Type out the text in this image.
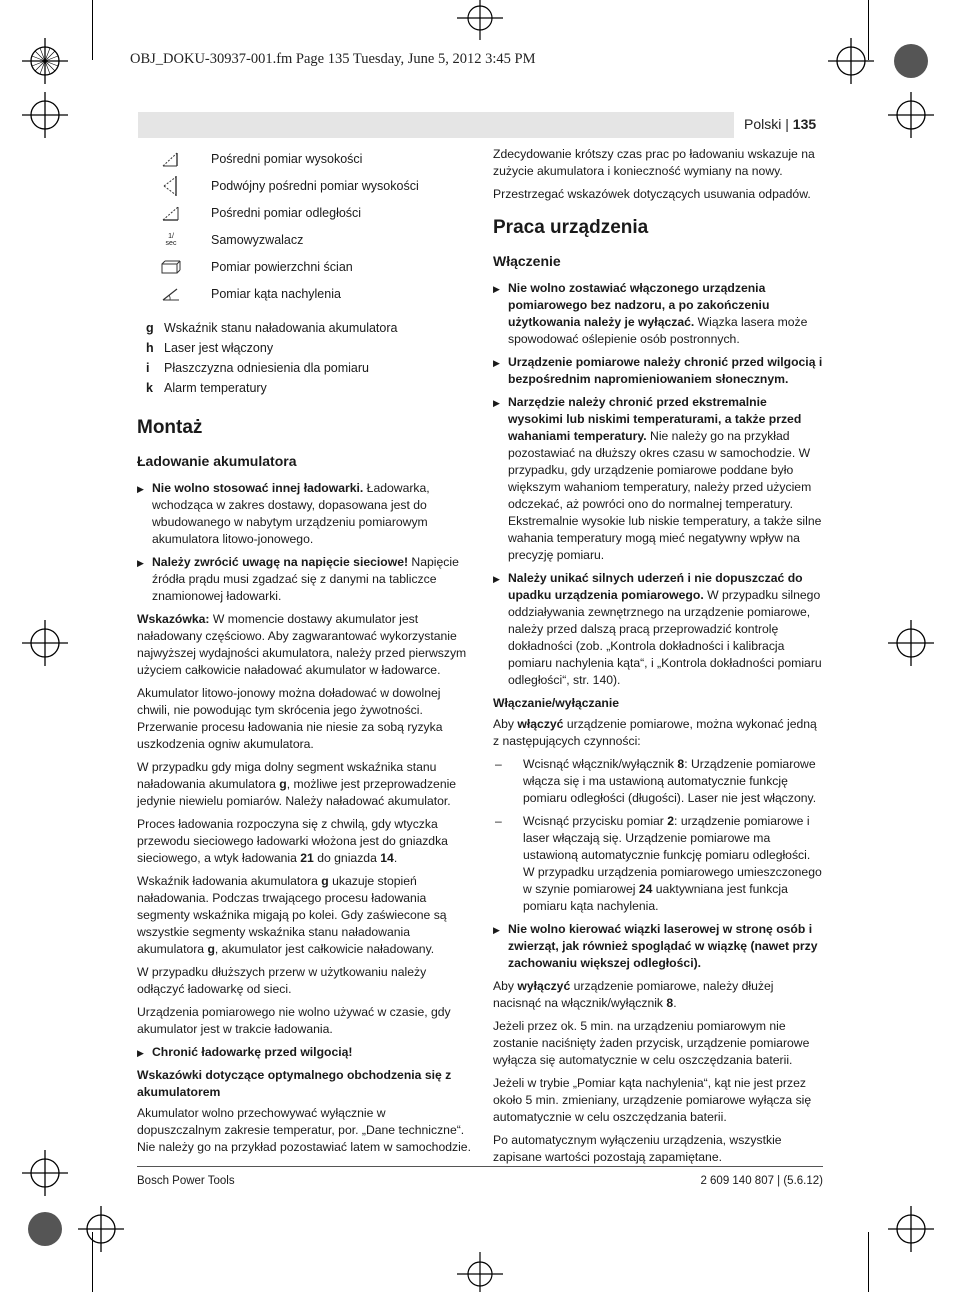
OBJ_DOKU-30937-001.fm Page 135 Tuesday, June 5, 2012 3:45 PM
Polski | 135
Pośredni pomiar wysokości
Podwójny pośredni pomiar wysokości
Pośredni pomiar odległości
1/
sec	Samowyzwalacz
Pomiar powierzchni ścian
Pomiar kąta nachylenia
g Wskaźnik stanu naładowania akumulatora
h Laser jest włączony
i Płaszczyzna odniesienia dla pomiaru
k Alarm temperatury

Montaż

Ładowanie akumulatora

▶ Nie wolno stosować innej ładowarki. Ładowarka, wchodząca w zakres dostawy, dopasowana jest do wbudowanego w nabytym urządzeniu pomiarowym akumulatora litowo-jonowego.

▶ Należy zwrócić uwagę na napięcie sieciowe! Napięcie źródła prądu musi zgadzać się z danymi na tabliczce znamionowej ładowarki.

Wskazówka: W momencie dostawy akumulator jest naładowany częściowo. Aby zagwarantować wykorzystanie najwyższej wydajności akumulatora, należy przed pierwszym użyciem całkowicie naładować akumulator w ładowarce.

Akumulator litowo-jonowy można doładować w dowolnej chwili, nie powodując tym skrócenia jego żywotności. Przerwanie procesu ładowania nie niesie za sobą ryzyka uszkodzenia ogniw akumulatora.

W przypadku gdy miga dolny segment wskaźnika stanu naładowania akumulatora g, możliwe jest przeprowadzenie jedynie niewielu pomiarów. Należy naładować akumulator.

Proces ładowania rozpoczyna się z chwilą, gdy wtyczka przewodu sieciowego ładowarki włożona jest do gniazdka sieciowego, a wtyk ładowania 21 do gniazda 14.

Wskaźnik ładowania akumulatora g ukazuje stopień naładowania. Podczas trwającego procesu ładowania segmenty wskaźnika migają po kolei. Gdy zaświecone są wszystkie segmenty wskaźnika stanu naładowania akumulatora g, akumulator jest całkowicie naładowany.

W przypadku dłuższych przerw w użytkowaniu należy odłączyć ładowarkę od sieci.

Urządzenia pomiarowego nie wolno używać w czasie, gdy akumulator jest w trakcie ładowania.

▶ Chronić ładowarkę przed wilgocią!

Wskazówki dotyczące optymalnego obchodzenia się z akumulatorem

Akumulator wolno przechowywać wyłącznie w dopuszczalnym zakresie temperatur, por. „Dane techniczne“. Nie należy go na przykład pozostawiać latem w samochodzie.

Zdecydowanie krótszy czas prac po ładowaniu wskazuje na zużycie akumulatora i konieczność wymiany na nowy.

Przestrzegać wskazówek dotyczących usuwania odpadów.

Praca urządzenia

Włączenie

▶ Nie wolno zostawiać włączonego urządzenia pomiarowego bez nadzoru, a po zakończeniu użytkowania należy je wyłączać. Wiązka lasera może spowodować oślepienie osób postronnych.

▶ Urządzenie pomiarowe należy chronić przed wilgocią i bezpośrednim napromieniowaniem słonecznym.

▶ Narzędzie należy chronić przed ekstremalnie wysokimi lub niskimi temperaturami, a także przed wahaniami temperatury. Nie należy go na przykład pozostawiać na dłuższy okres czasu w samochodzie. W przypadku, gdy urządzenie pomiarowe poddane było większym wahaniom temperatury, należy przed użyciem odczekać, aż powróci ono do normalnej temperatury. Ekstremalnie wysokie lub niskie temperatury, a także silne wahania temperatury mogą mieć negatywny wpływ na precyzję pomiaru.

▶ Należy unikać silnych uderzeń i nie dopuszczać do upadku urządzenia pomiarowego. W przypadku silnego oddziaływania zewnętrznego na urządzenie pomiarowe, należy przed dalszą pracą przeprowadzić kontrolę dokładności (zob. „Kontrola dokładności i kalibracja pomiaru nachylenia kąta“, i „Kontrola dokładności pomiaru odległości“, str. 140).

Włączanie/wyłączanie

Aby włączyć urządzenie pomiarowe, można wykonać jedną z następujących czynności:

– Wcisnąć włącznik/wyłącznik 8: Urządzenie pomiarowe włącza się i ma ustawioną automatycznie funkcję pomiaru odległości (długości). Laser nie jest włączony.

– Wcisnąć przycisku pomiar 2: urządzenie pomiarowe i laser włączają się. Urządzenie pomiarowe ma ustawioną automatycznie funkcję pomiaru odległości. W przypadku urządzenia pomiarowego umieszczonego w szynie pomiarowej 24 uaktywniana jest funkcja pomiaru kąta nachylenia.

▶ Nie wolno kierować wiązki laserowej w stronę osób i zwierząt, jak również spoglądać w wiązkę (nawet przy zachowaniu większej odległości).

Aby wyłączyć urządzenie pomiarowe, należy dłużej nacisnąć na włącznik/wyłącznik 8.

Jeżeli przez ok. 5 min. na urządzeniu pomiarowym nie zostanie naciśnięty żaden przycisk, urządzenie pomiarowe wyłącza się automatycznie w celu oszczędzania baterii.

Jeżeli w trybie „Pomiar kąta nachylenia“, kąt nie jest przez około 5 min. zmieniany, urządzenie pomiarowe wyłącza się automatycznie w celu oszczędzania baterii.

Po automatycznym wyłączeniu urządzenia, wszystkie zapisane wartości pozostają zapamiętane.

Bosch Power Tools	2 609 140 807 | (5.6.12)
